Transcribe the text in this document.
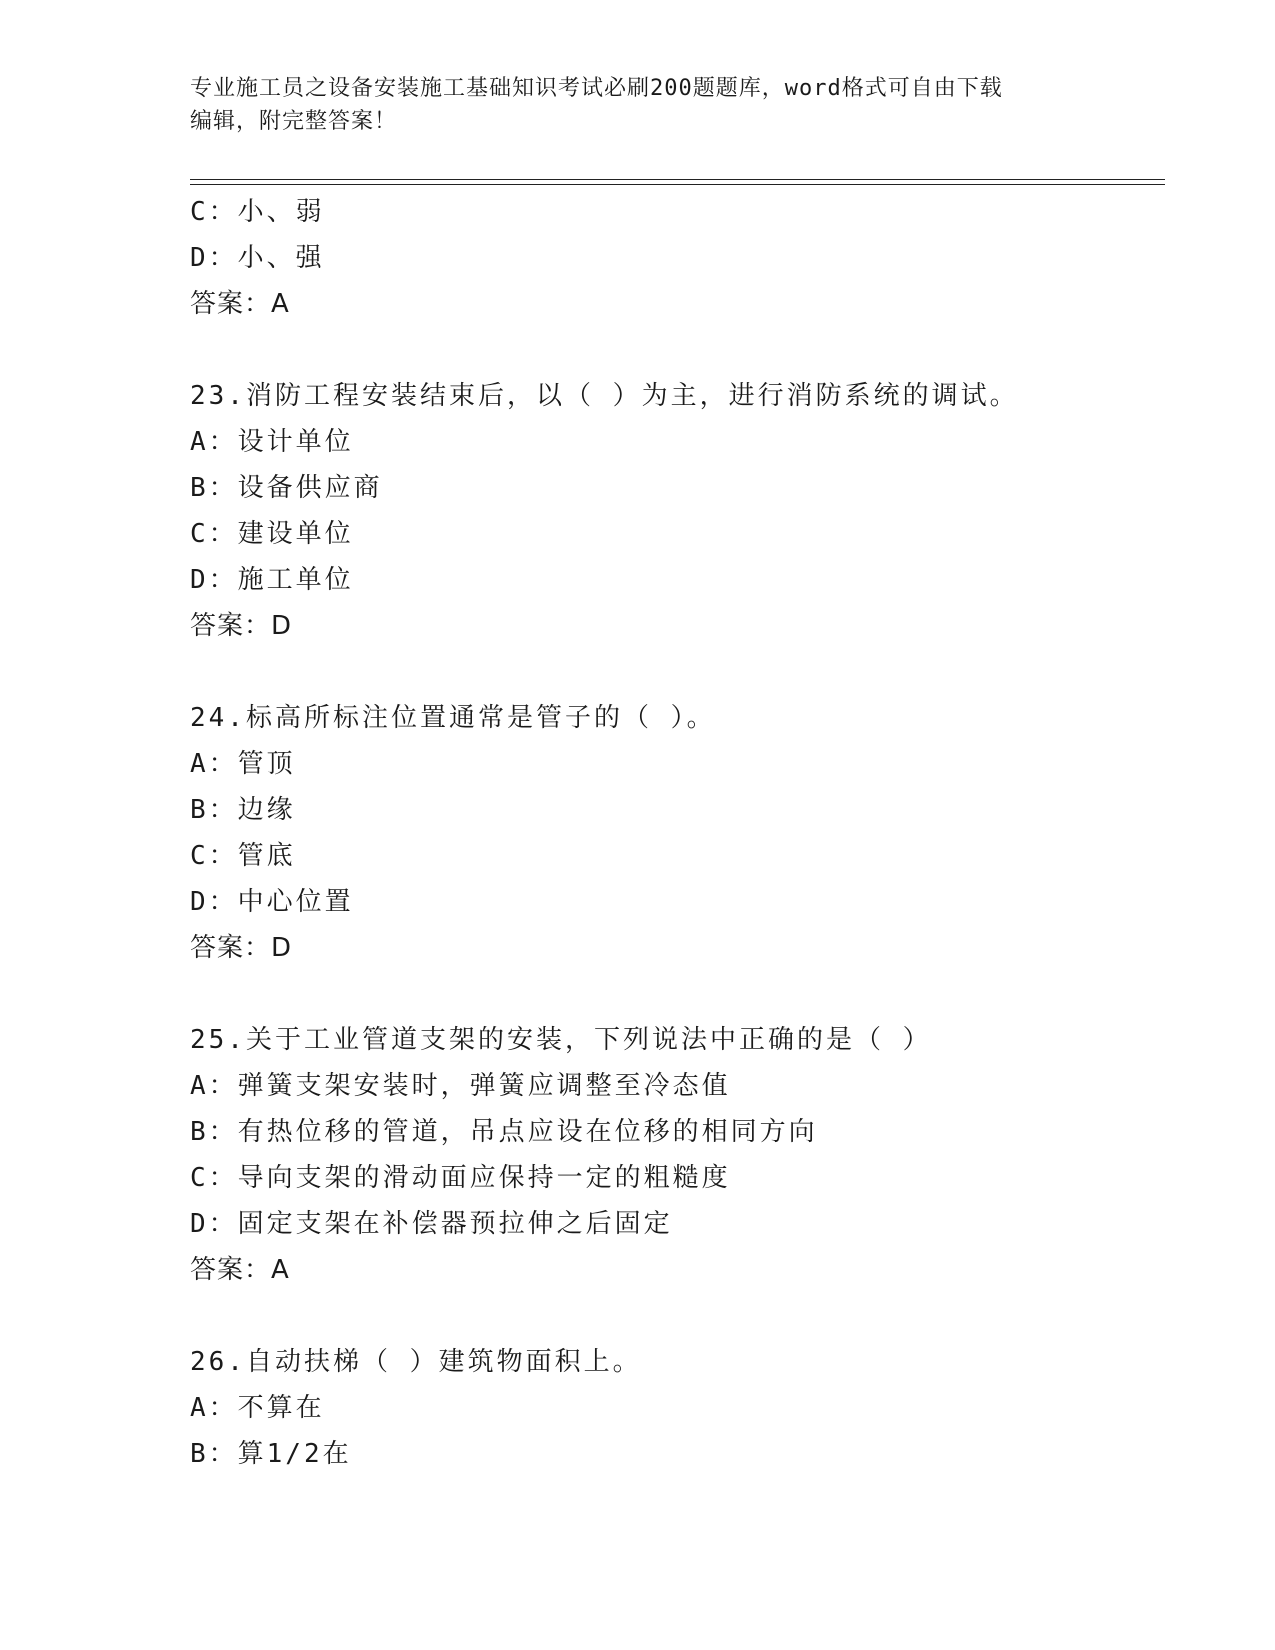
专业施工员之设备安装施工基础知识考试必刷200题题库，word格式可自由下载
编辑，附完整答案！
C：小、弱
D：小、强
答案：A
23.消防工程安装结束后，以（ ）为主，进行消防系统的调试。
A：设计单位
B：设备供应商
C：建设单位
D：施工单位
答案：D
24.标高所标注位置通常是管子的（ ）。
A：管顶
B：边缘
C：管底
D：中心位置
答案：D
25.关于工业管道支架的安装，下列说法中正确的是（ ）
A：弹簧支架安装时，弹簧应调整至冷态值
B：有热位移的管道，吊点应设在位移的相同方向
C：导向支架的滑动面应保持一定的粗糙度
D：固定支架在补偿器预拉伸之后固定
答案：A
26.自动扶梯（ ）建筑物面积上。
A：不算在
B：算1/2在
